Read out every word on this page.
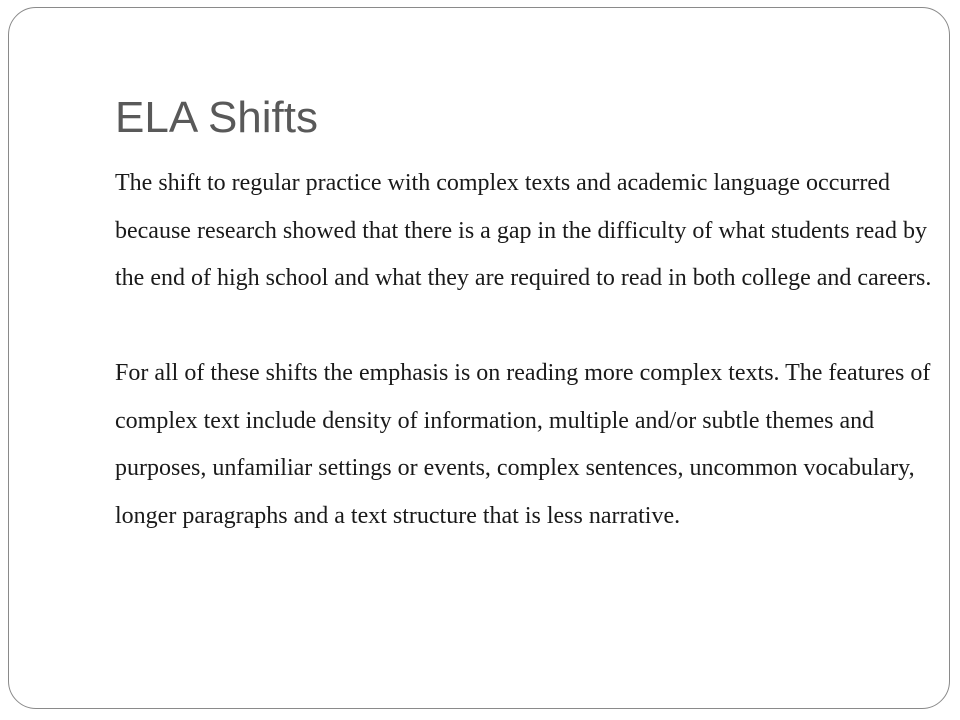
ELA Shifts

The shift to regular practice with complex texts and academic language occurred because research showed that there is a gap in the difficulty of what students read by the end of high school and what they are required to read in both college and careers.

For all of these shifts the emphasis is on reading more complex texts. The features of complex text include density of information, multiple and/or subtle themes and purposes, unfamiliar settings or events, complex sentences, uncommon vocabulary, longer paragraphs and a text structure that is less narrative.
